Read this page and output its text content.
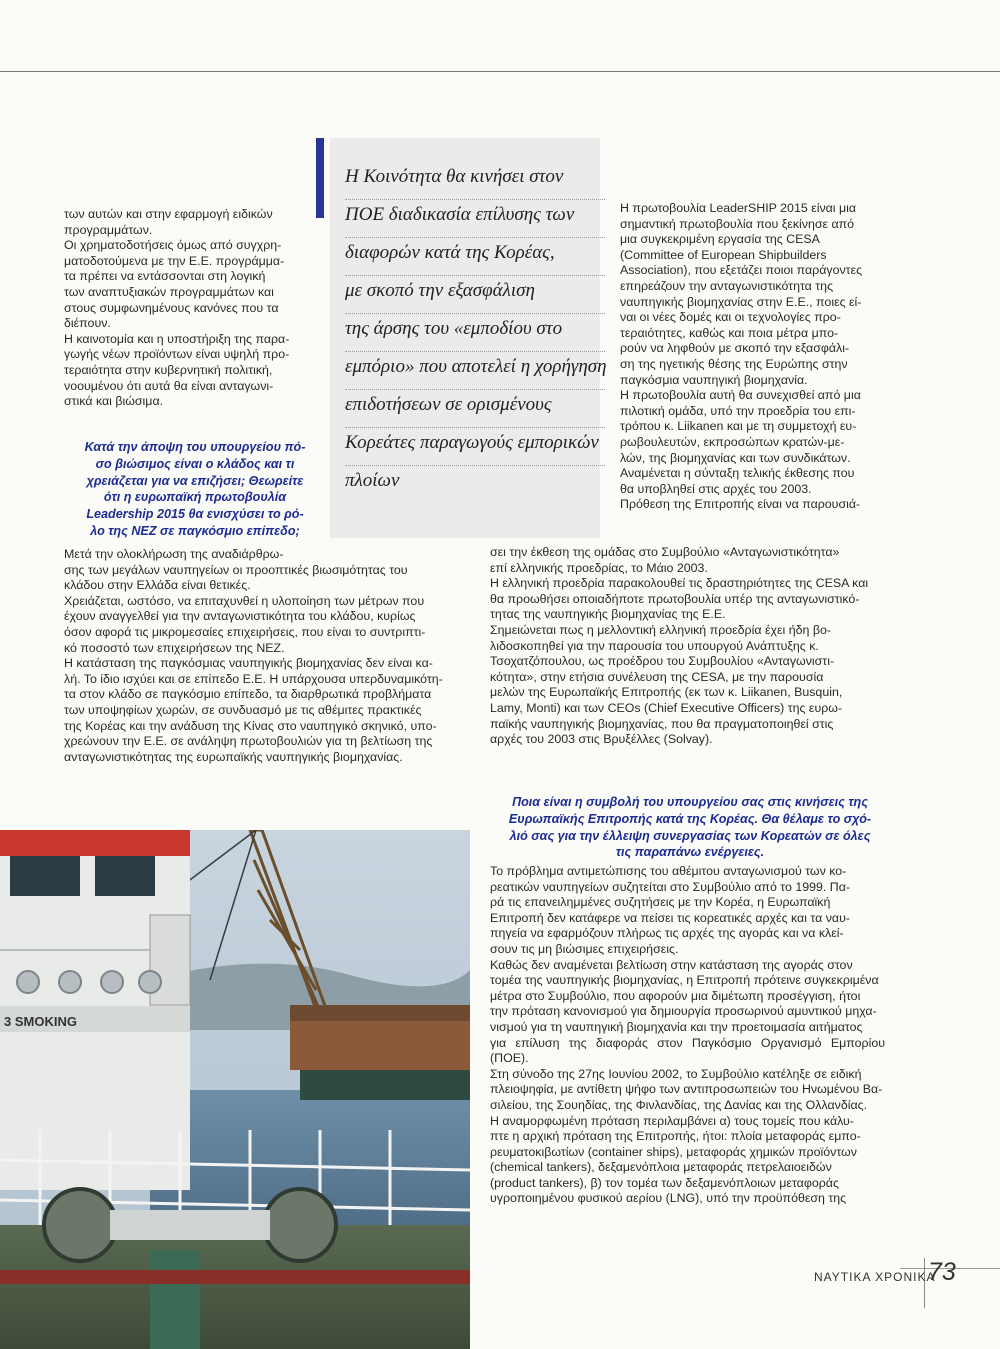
Η Κοινότητα θα κινήσει στον
ΠΟΕ διαδικασία επίλυσης των
διαφορών κατά της Κορέας,
με σκοπό την εξασφάλιση
της άρσης του «εμποδίου στο
εμπόριο» που αποτελεί η χορήγηση
επιδοτήσεων σε ορισμένους
Κορεάτες παραγωγούς εμπορικών
πλοίων
των αυτών και στην εφαρμογή ειδικών
προγραμμάτων.
Οι χρηματοδοτήσεις όμως από συγχρη-
ματοδοτούμενα με την Ε.Ε. προγράμμα-
τα πρέπει να εντάσσονται στη λογική
των αναπτυξιακών προγραμμάτων και
στους συμφωνημένους κανόνες που τα
διέπουν.
Η καινοτομία και η υποστήριξη της παρα-
γωγής νέων προϊόντων είναι υψηλή προ-
τεραιότητα στην κυβερνητική πολιτική,
νοουμένου ότι αυτά θα είναι ανταγωνι-
στικά και βιώσιμα.
Κατά την άποψη του υπουργείου πό-
σο βιώσιμος είναι ο κλάδος και τι
χρειάζεται για να επιζήσει; Θεωρείτε
ότι η ευρωπαϊκή πρωτοβουλία
Leadership 2015 θα ενισχύσει το ρό-
λο της ΝΕΖ σε παγκόσμιο επίπεδο;
Μετά την ολοκλήρωση της αναδιάρθρω-
σης των μεγάλων ναυπηγείων οι προοπτικές βιωσιμότητας του
κλάδου στην Ελλάδα είναι θετικές.
Χρειάζεται, ωστόσο, να επιταχυνθεί η υλοποίηση των μέτρων που
έχουν αναγγελθεί για την ανταγωνιστικότητα του κλάδου, κυρίως
όσον αφορά τις μικρομεσαίες επιχειρήσεις, που είναι το συντριπτι-
κό ποσοστό των επιχειρήσεων της ΝΕΖ.
Η κατάσταση της παγκόσμιας ναυπηγικής βιομηχανίας δεν είναι κα-
λή. Το ίδιο ισχύει και σε επίπεδο Ε.Ε. Η υπάρχουσα υπερδυναμικότη-
τα στον κλάδο σε παγκόσμιο επίπεδο, τα διαρθρωτικά προβλήματα
των υποψηφίων χωρών, σε συνδυασμό με τις αθέμιτες πρακτικές
της Κορέας και την ανάδυση της Κίνας στο ναυπηγικό σκηνικό, υπο-
χρεώνουν την Ε.Ε. σε ανάληψη πρωτοβουλιών για τη βελτίωση της
ανταγωνιστικότητας της ευρωπαϊκής ναυπηγικής βιομηχανίας.
Η πρωτοβουλία LeaderSHIP 2015 είναι μια
σημαντική πρωτοβουλία που ξεκίνησε από
μια συγκεκριμένη εργασία της CESA
(Committee of European Shipbuilders
Association), που εξετάζει ποιοι παράγοντες
επηρεάζουν την ανταγωνιστικότητα της
ναυπηγικής βιομηχανίας στην Ε.Ε., ποιες εί-
ναι οι νέες δομές και οι τεχνολογίες προ-
τεραιότητες, καθώς και ποια μέτρα μπο-
ρούν να ληφθούν με σκοπό την εξασφάλι-
ση της ηγετικής θέσης της Ευρώπης στην
παγκόσμια ναυπηγική βιομηχανία.
Η πρωτοβουλία αυτή θα συνεχισθεί από μια
πιλοτική ομάδα, υπό την προεδρία του επι-
τρόπου κ. Liikanen και με τη συμμετοχή ευ-
ρωβουλευτών, εκπροσώπων κρατών-με-
λών, της βιομηχανίας και των συνδικάτων.
Αναμένεται η σύνταξη τελικής έκθεσης που
θα υποβληθεί στις αρχές του 2003.
Πρόθεση της Επιτροπής είναι να παρουσιά-
σει την έκθεση της ομάδας στο Συμβούλιο «Ανταγωνιστικότητα»
επί ελληνικής προεδρίας, το Μάιο 2003.
Η ελληνική προεδρία παρακολουθεί τις δραστηριότητες της CESA και
θα προωθήσει οποιαδήποτε πρωτοβουλία υπέρ της ανταγωνιστικό-
τητας της ναυπηγικής βιομηχανίας της Ε.Ε.
Σημειώνεται πως η μελλοντική ελληνική προεδρία έχει ήδη βο-
λιδοσκοπηθεί για την παρουσία του υπουργού Ανάπτυξης κ.
Τσοχατζόπουλου, ως προέδρου του Συμβουλίου «Ανταγωνιστι-
κότητα», στην ετήσια συνέλευση της CESA, με την παρουσία
μελών της Ευρωπαϊκής Επιτροπής (εκ των κ. Liikanen, Busquin,
Lamy, Monti) και των CEOs (Chief Executive Officers) της ευρω-
παϊκής ναυπηγικής βιομηχανίας, που θα πραγματοποιηθεί στις
αρχές του 2003 στις Βρυξέλλες (Solvay).
Ποια είναι η συμβολή του υπουργείου σας στις κινήσεις της
Ευρωπαϊκής Επιτροπής κατά της Κορέας. Θα θέλαμε το σχό-
λιό σας για την έλλειψη συνεργασίας των Κορεατών σε όλες
τις παραπάνω ενέργειες.
Το πρόβλημα αντιμετώπισης του αθέμιτου ανταγωνισμού των κο-
ρεατικών ναυπηγείων συζητείται στο Συμβούλιο από το 1999. Πα-
ρά τις επανειλημμένες συζητήσεις με την Κορέα, η Ευρωπαϊκή
Επιτροπή δεν κατάφερε να πείσει τις κορεατικές αρχές και τα ναυ-
πηγεία να εφαρμόζουν πλήρως τις αρχές της αγοράς και να κλεί-
σουν τις μη βιώσιμες επιχειρήσεις.
Καθώς δεν αναμένεται βελτίωση στην κατάσταση της αγοράς στον
τομέα της ναυπηγικής βιομηχανίας, η Επιτροπή πρότεινε συγκεκριμένα
μέτρα στο Συμβούλιο, που αφορούν μια διμέτωπη προσέγγιση, ήτοι
την πρόταση κανονισμού για δημιουργία προσωρινού αμυντικού μηχα-
νισμού για τη ναυπηγική βιομηχανία και την προετοιμασία αιτήματος
για επίλυση της διαφοράς στον Παγκόσμιο Οργανισμό Εμπορίου (ΠΟΕ).
Στη σύνοδο της 27ης Ιουνίου 2002, το Συμβούλιο κατέληξε σε ειδική
πλειοψηφία, με αντίθετη ψήφο των αντιπροσωπειών του Ηνωμένου Βα-
σιλείου, της Σουηδίας, της Φινλανδίας, της Δανίας και της Ολλανδίας.
Η αναμορφωμένη πρόταση περιλαμβάνει α) τους τομείς που κάλυ-
πτε η αρχική πρόταση της Επιτροπής, ήτοι: πλοία μεταφοράς εμπο-
ρευματοκιβωτίων (container ships), μεταφοράς χημικών προϊόντων
(chemical tankers), δεξαμενόπλοια μεταφοράς πετρελαιοειδών
(product tankers), β) τον τομέα των δεξαμενόπλοιων μεταφοράς
υγροποιημένου φυσικού αερίου (LNG), υπό την προϋπόθεση της
3 SMOKING
ΝΑΥΤΙΚΑ ΧΡΟΝΙΚΑ
73
